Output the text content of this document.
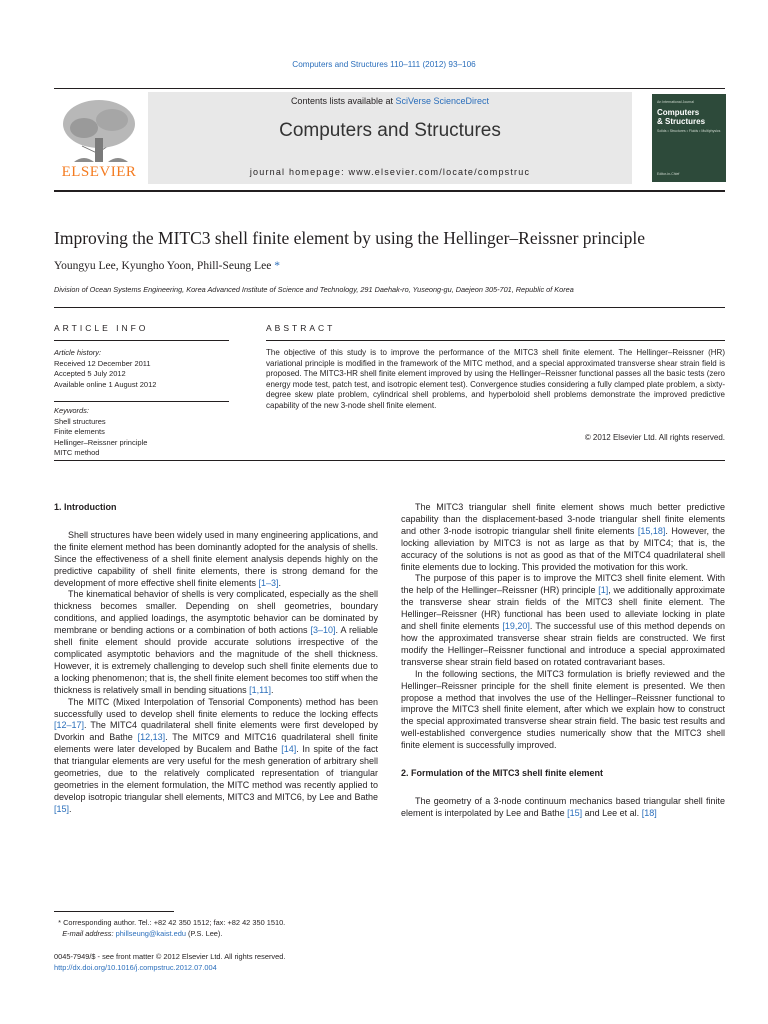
Computers and Structures 110–111 (2012) 93–106
ELSEVIER
Contents lists available at SciVerse ScienceDirect
Computers and Structures
journal homepage: www.elsevier.com/locate/compstruc
An International Journal
Computers
& Structures
Solids • Structures • Fluids • Multiphysics
Editor-in-Chief
Improving the MITC3 shell finite element by using the Hellinger–Reissner principle
Youngyu Lee, Kyungho Yoon, Phill-Seung Lee *
Division of Ocean Systems Engineering, Korea Advanced Institute of Science and Technology, 291 Daehak-ro, Yuseong-gu, Daejeon 305-701, Republic of Korea
ARTICLE INFO	ABSTRACT
Article history:
Received 12 December 2011
Accepted 5 July 2012
Available online 1 August 2012
Keywords:
Shell structures
Finite elements
Hellinger–Reissner principle
MITC method
The objective of this study is to improve the performance of the MITC3 shell finite element. The Hellinger–Reissner (HR) variational principle is modified in the framework of the MITC method, and a special approximated transverse shear strain field is proposed. The MITC3-HR shell finite element improved by using the Hellinger–Reissner functional passes all the basic tests (zero energy mode test, patch test, and isotropic element test). Convergence studies considering a fully clamped plate problem, a sixty-degree skew plate problem, cylindrical shell problems, and hyperboloid shell problems demonstrate the improved predictive capability of the new 3-node shell finite element.
© 2012 Elsevier Ltd. All rights reserved.
1. Introduction

Shell structures have been widely used in many engineering applications, and the finite element method has been dominantly adopted for the analysis of shells. Since the effectiveness of a shell finite element analysis depends highly on the predictive capability of shell finite elements, there is strong demand for the development of more effective shell finite elements [1–3].

The kinematical behavior of shells is very complicated, especially as the shell thickness becomes smaller. Depending on shell geometries, boundary conditions, and applied loadings, the asymptotic behavior can be dominated by membrane or bending actions or a combination of both actions [3–10]. A reliable shell finite element should provide accurate solutions irrespective of the complicated asymptotic behaviors and the magnitude of the shell thickness. However, it is extremely challenging to develop such shell finite elements due to a locking phenomenon; that is, the shell finite element becomes too stiff when the thickness is relatively small in bending situations [1,11].

The MITC (Mixed Interpolation of Tensorial Components) method has been successfully used to develop shell finite elements to reduce the locking effects [12–17]. The MITC4 quadrilateral shell finite elements were first developed by Dvorkin and Bathe [12,13]. The MITC9 and MITC16 quadrilateral shell finite elements were later developed by Bucalem and Bathe [14]. In spite of the fact that triangular elements are very useful for the mesh generation of arbitrary shell geometries, due to the relatively complicated representation of triangular geometries in the element formulation, the MITC method was recently applied to develop isotropic triangular shell elements, MITC3 and MITC6, by Lee and Bathe [15].

The MITC3 triangular shell finite element shows much better predictive capability than the displacement-based 3-node triangular shell finite elements and other 3-node isotropic triangular shell finite elements [15,18]. However, the locking alleviation by MITC3 is not as large as that by MITC4; that is, the accuracy of the solutions is not as good as that of the MITC4 quadrilateral shell finite elements due to locking. This provided the motivation for this work.

The purpose of this paper is to improve the MITC3 shell finite element. With the help of the Hellinger–Reissner (HR) principle [1], we additionally approximate the transverse shear strain fields of the MITC3 shell finite element. The Hellinger–Reissner (HR) functional has been used to alleviate locking in plate and shell finite elements [19,20]. The successful use of this method depends on how the approximated transverse shear strain fields are constructed. We first modify the Hellinger–Reissner functional and introduce a special approximated transverse shear strain field based on rotated contravariant bases.

In the following sections, the MITC3 formulation is briefly reviewed and the Hellinger–Reissner principle for the shell finite element is presented. We then propose a method that involves the use of the Hellinger–Reissner functional to improve the MITC3 shell finite element, after which we explain how to construct the special approximated transverse shear strain field. The basic test results and well-established convergence studies numerically show that the MITC3 shell finite element is successfully improved.

2. Formulation of the MITC3 shell finite element

The geometry of a 3-node continuum mechanics based triangular shell finite element is interpolated by Lee and Bathe [15] and Lee et al. [18]

* Corresponding author. Tel.: +82 42 350 1512; fax: +82 42 350 1510.
E-mail address: phillseung@kaist.edu (P.S. Lee).
0045-7949/$ - see front matter © 2012 Elsevier Ltd. All rights reserved.
http://dx.doi.org/10.1016/j.compstruc.2012.07.004
